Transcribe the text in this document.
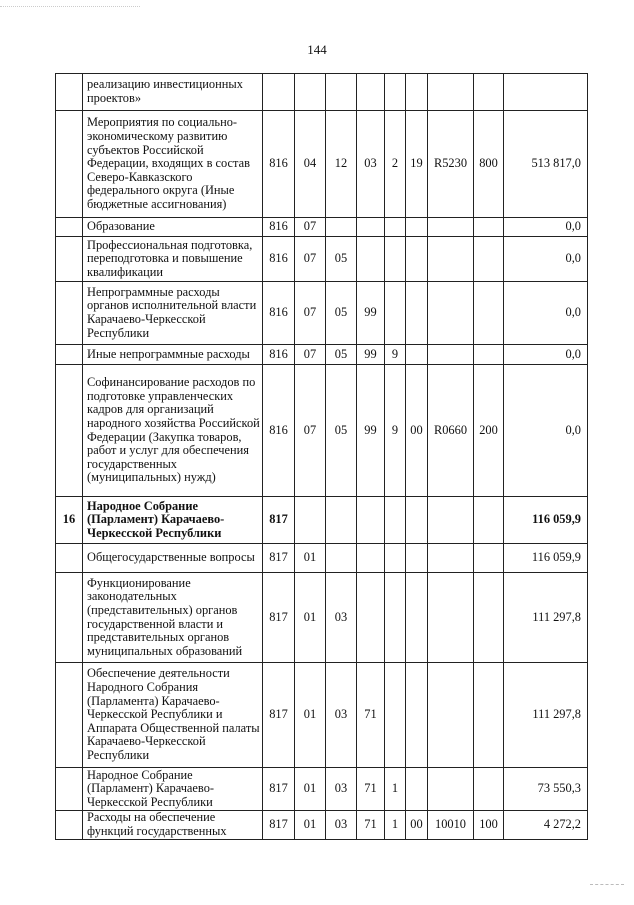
144
	реализацию инвестиционных проектов»									
	Мероприятия по социально-экономическому развитию субъектов Российской Федерации, входящих в состав Северо-Кавказского федерального округа (Иные бюджетные ассигнования)	816	04	12	03	2	19	R5230	800	513 817,0
	Образование	816	07							0,0
	Профессиональная подготовка, переподготовка и повышение квалификации	816	07	05						0,0
	Непрограммные расходы органов исполнительной власти Карачаево-Черкесской Республики	816	07	05	99					0,0
	Иные непрограммные расходы	816	07	05	99	9				0,0
	Софинансирование расходов по подготовке управленческих кадров для организаций народного хозяйства Российской Федерации (Закупка товаров, работ и услуг для обеспечения государственных (муниципальных) нужд)	816	07	05	99	9	00	R0660	200	0,0
16	Народное Собрание (Парламент) Карачаево-Черкесской Республики	817								116 059,9
	Общегосударственные вопросы	817	01							116 059,9
	Функционирование законодательных (представительных) органов государственной власти и представительных органов муниципальных образований	817	01	03						111 297,8
	Обеспечение деятельности Народного Собрания (Парламента) Карачаево-Черкесской Республики и Аппарата Общественной палаты Карачаево-Черкесской Республики	817	01	03	71					111 297,8
	Народное Собрание (Парламент) Карачаево-Черкесской Республики	817	01	03	71	1				73 550,3
	Расходы на обеспечение функций государственных	817	01	03	71	1	00	10010	100	4 272,2
